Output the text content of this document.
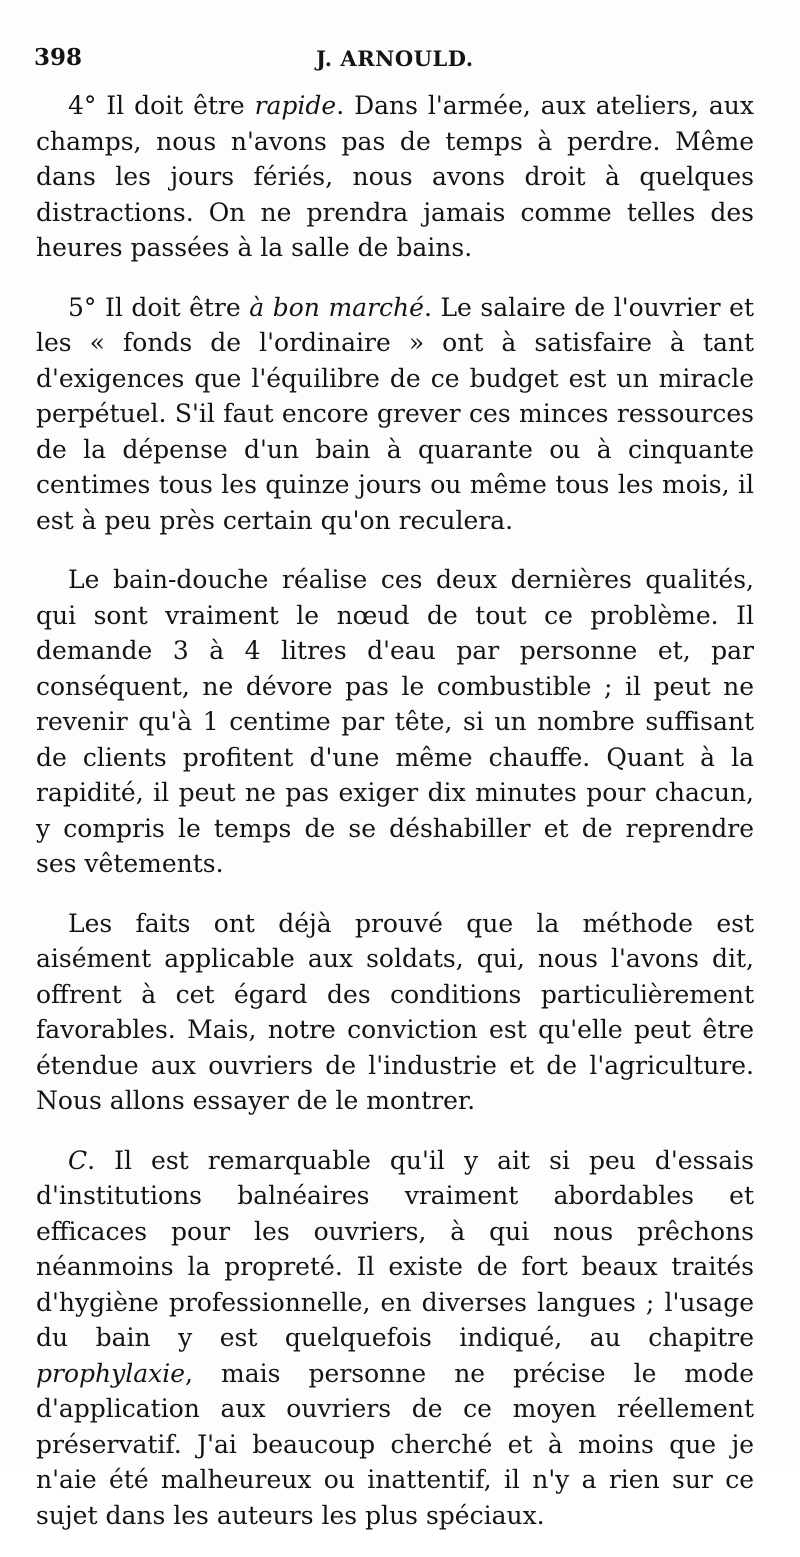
398	J. ARNOULD.

4° Il doit être rapide. Dans l'armée, aux ateliers, aux champs, nous n'avons pas de temps à perdre. Même dans les jours fériés, nous avons droit à quelques distractions. On ne prendra jamais comme telles des heures passées à la salle de bains.

5° Il doit être à bon marché. Le salaire de l'ouvrier et les « fonds de l'ordinaire » ont à satisfaire à tant d'exigences que l'équilibre de ce budget est un miracle perpétuel. S'il faut encore grever ces minces ressources de la dépense d'un bain à quarante ou à cinquante centimes tous les quinze jours ou même tous les mois, il est à peu près certain qu'on reculera.

Le bain-douche réalise ces deux dernières qualités, qui sont vraiment le nœud de tout ce problème. Il demande 3 à 4 litres d'eau par personne et, par conséquent, ne dévore pas le combustible ; il peut ne revenir qu'à 1 centime par tête, si un nombre suffisant de clients profitent d'une même chauffe. Quant à la rapidité, il peut ne pas exiger dix minutes pour chacun, y compris le temps de se déshabiller et de reprendre ses vêtements.

Les faits ont déjà prouvé que la méthode est aisément applicable aux soldats, qui, nous l'avons dit, offrent à cet égard des conditions particulièrement favorables. Mais, notre conviction est qu'elle peut être étendue aux ouvriers de l'industrie et de l'agriculture. Nous allons essayer de le montrer.

C. Il est remarquable qu'il y ait si peu d'essais d'institutions balnéaires vraiment abordables et efficaces pour les ouvriers, à qui nous prêchons néanmoins la propreté. Il existe de fort beaux traités d'hygiène professionnelle, en diverses langues ; l'usage du bain y est quelquefois indiqué, au chapitre prophylaxie, mais personne ne précise le mode d'application aux ouvriers de ce moyen réellement préservatif. J'ai beaucoup cherché et à moins que je n'aie été malheureux ou inattentif, il n'y a rien sur ce sujet dans les auteurs les plus spéciaux.
